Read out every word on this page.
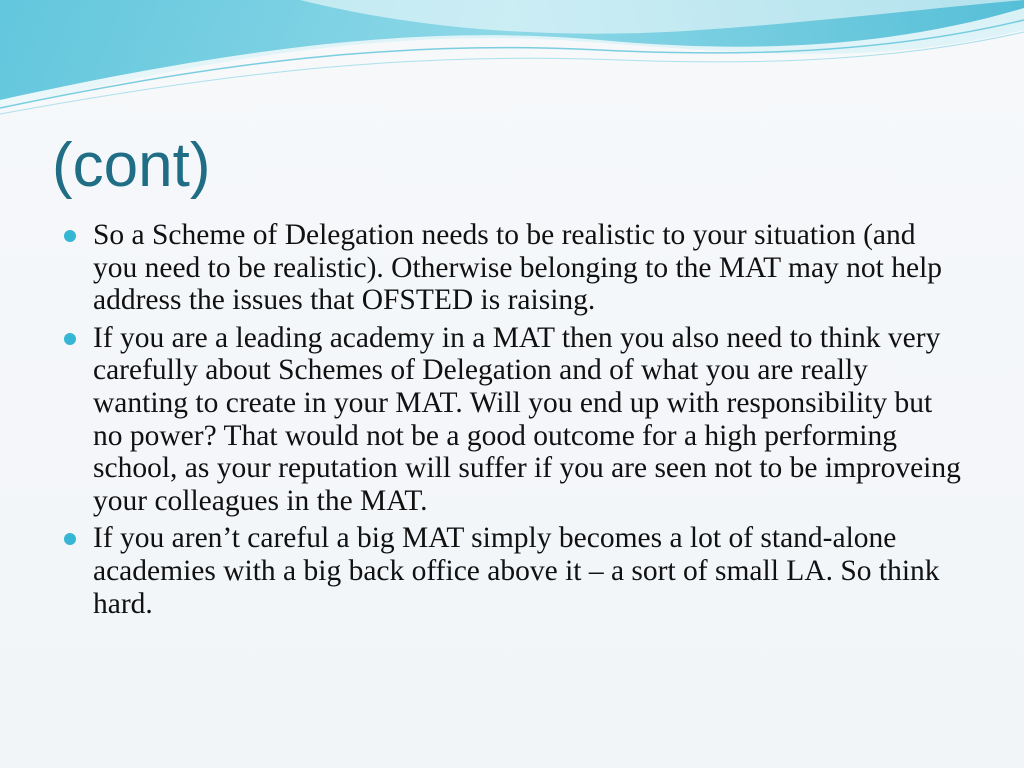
(cont)
So a Scheme of Delegation needs to be realistic to your situation (and you need to be realistic). Otherwise belonging to the MAT may not help address the issues that OFSTED is raising.
If you are a leading academy in a MAT then you also need to think very carefully about Schemes of Delegation and of what you are really wanting to create in your MAT. Will you end up with responsibility but no power? That would not be a good outcome for a high performing school, as your reputation will suffer if you are seen not to be improveing your colleagues in the MAT.
If you aren’t careful a big MAT simply becomes a lot of stand-alone academies with a big back office above it – a sort of small LA. So think hard.
